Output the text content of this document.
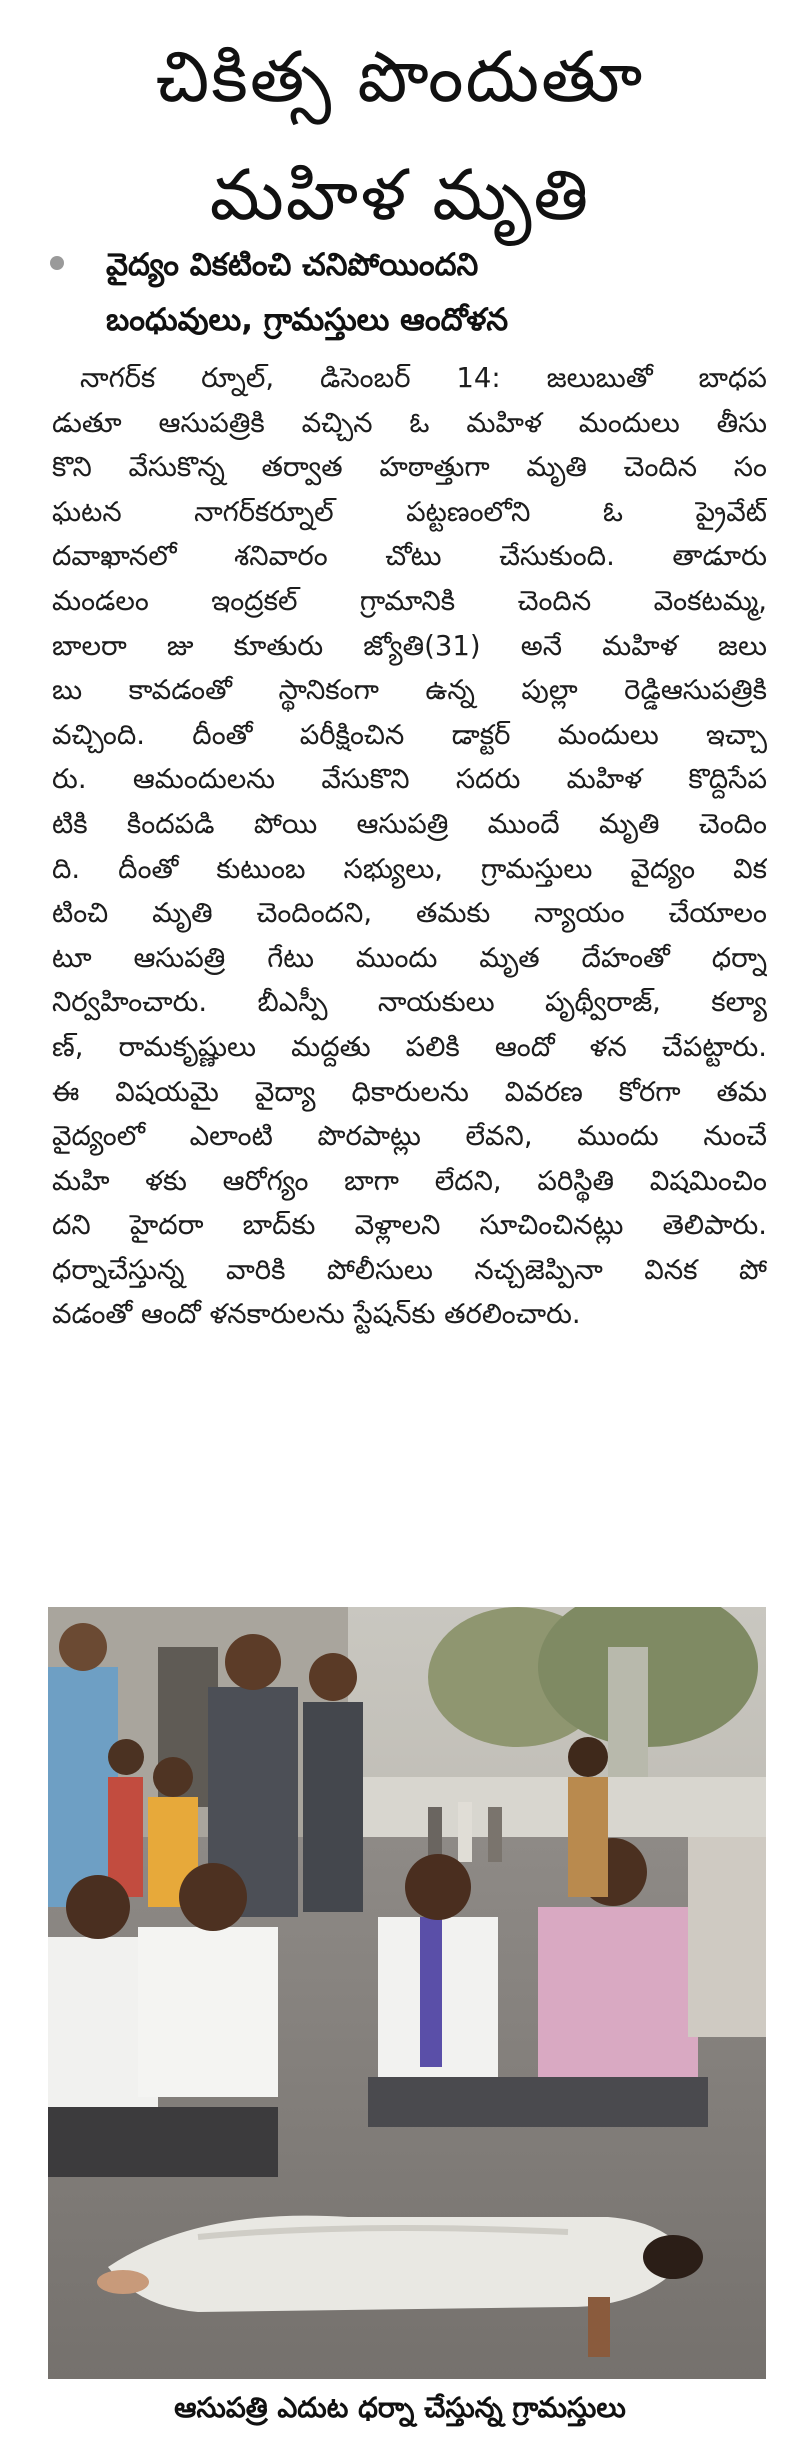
చికిత్స పొందుతూ
మహిళ మృతి
వైద్యం వికటించి చనిపోయిందని
బంధువులు, గ్రామస్తులు ఆందోళన
నాగర్‌క ర్నూల్, డిసెంబర్ 14: జలుబుతో బాధప
డుతూ ఆసుపత్రికి వచ్చిన ఓ మహిళ మందులు తీసు
కొని వేసుకొన్న తర్వాత హఠాత్తుగా మృతి చెందిన సం
ఘటన నాగర్‌కర్నూల్ పట్టణంలోని ఓ ప్రైవేట్
దవాఖానలో శనివారం చోటు చేసుకుంది. తాడూరు
మండలం ఇంద్రకల్ గ్రామానికి చెందిన వెంకటమ్మ,
బాలరా జు కూతురు జ్యోతి(31) అనే మహిళ జలు
బు కావడంతో స్థానికంగా ఉన్న పుల్లా రెడ్డిఆసుపత్రికి
వచ్చింది. దీంతో పరీక్షించిన డాక్టర్ మందులు ఇచ్చా
రు. ఆమందులను వేసుకొని సదరు మహిళ కొద్దిసేప
టికి కిందపడి పోయి ఆసుపత్రి ముందే మృతి చెందిం
ది. దీంతో కుటుంబ సభ్యులు, గ్రామస్తులు వైద్యం విక
టించి మృతి చెందిందని, తమకు న్యాయం చేయాలం
టూ ఆసుపత్రి గేటు ముందు మృత దేహంతో ధర్నా
నిర్వహించారు. బీఎస్పీ నాయకులు పృథ్వీరాజ్, కల్యా
ణ్, రామకృష్ణులు మద్దతు పలికి ఆందో ళన చేపట్టారు.
ఈ విషయమై వైద్యా ధికారులను వివరణ కోరగా తమ
వైద్యంలో ఎలాంటి పొరపాట్లు లేవని, ముందు నుంచే
మహి ళకు ఆరోగ్యం బాగా లేదని, పరిస్థితి విషమించిం
దని హైదరా బాద్‌కు వెళ్లాలని సూచించినట్లు తెలిపారు.
ధర్నాచేస్తున్న వారికి పోలీసులు నచ్చజెప్పినా వినక పో
వడంతో ఆందో ళనకారులను స్టేషన్‌కు తరలించారు.
ఆసుపత్రి ఎదుట ధర్నా చేస్తున్న గ్రామస్తులు
